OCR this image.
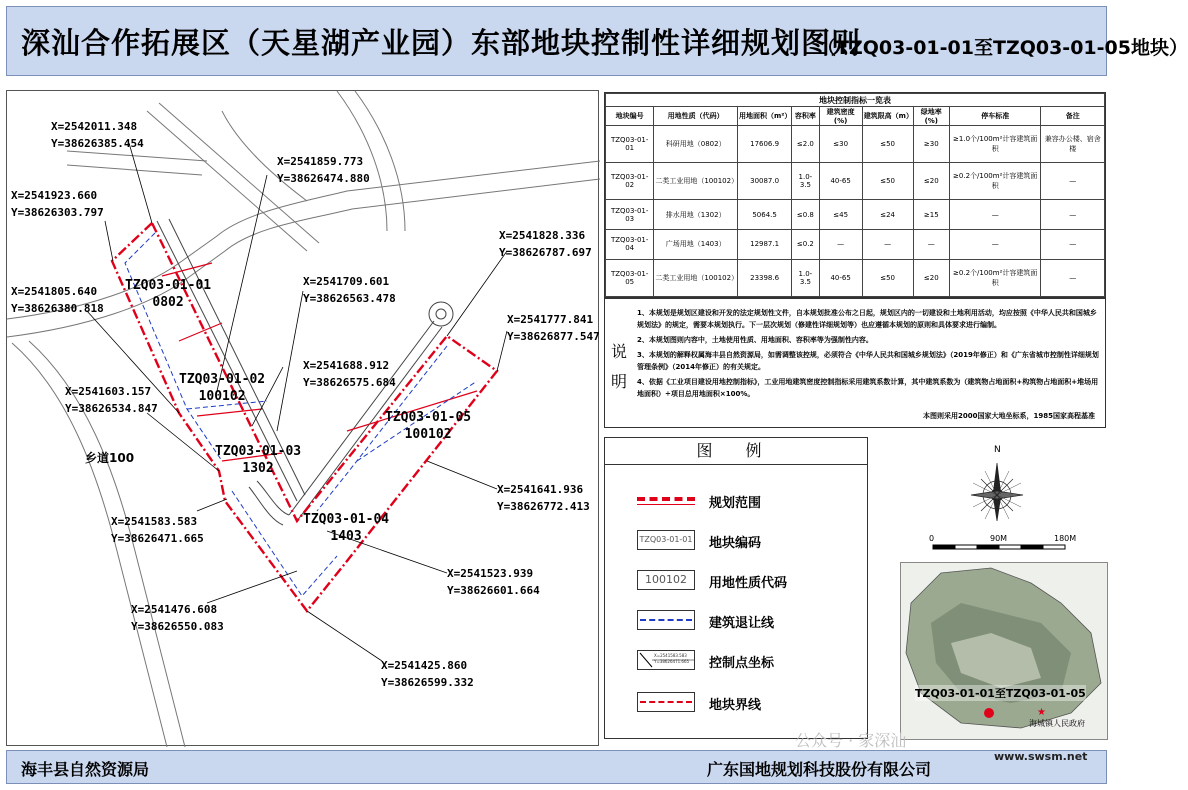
深汕合作拓展区（天星湖产业园）东部地块控制性详细规划图则
（TZQ03-01-01至TZQ03-01-05地块）
X=2542011.348
Y=38626385.454
X=2541859.773
Y=38626474.880
X=2541923.660
Y=38626303.797
X=2541828.336
Y=38626787.697
X=2541805.640
Y=38626380.818
X=2541709.601
Y=38626563.478
X=2541777.841
Y=38626877.547
X=2541688.912
Y=38626575.684
X=2541603.157
Y=38626534.847
X=2541641.936
Y=38626772.413
X=2541583.583
Y=38626471.665
X=2541523.939
Y=38626601.664
X=2541476.608
Y=38626550.083
X=2541425.860
Y=38626599.332
TZQ03-01-01
0802
TZQ03-01-02
100102
TZQ03-01-03
1302
TZQ03-01-04
1403
TZQ03-01-05
100102
乡道100
地块控制指标一览表								
地块编号	用地性质（代码）	用地面积（m²）	容积率	建筑密度(%)	建筑限高（m）	绿地率(%)	停车标准	备注
TZQ03-01-01	科研用地（0802）	17606.9	≤2.0	≤30	≤50	≥30	≥1.0个/100m²计容建筑面积	兼容办公楼、宿舍楼
TZQ03-01-02	二类工业用地（100102）	30087.0	1.0-3.5	40-65	≤50	≤20	≥0.2个/100m²计容建筑面积	—
TZQ03-01-03	排水用地（1302）	5064.5	≤0.8	≤45	≤24	≥15	—	—
TZQ03-01-04	广场用地（1403）	12987.1	≤0.2	—	—	—	—	—
TZQ03-01-05	二类工业用地（100102）	23398.6	1.0-3.5	40-65	≤50	≤20	≥0.2个/100m²计容建筑面积	—
说
明

1、本规划是规划区建设和开发的法定规划性文件，自本规划批准公布之日起，规划区内的一切建设和土地利用活动，均应按照《中华人民共和国城乡规划法》的规定，需要本规划执行。下一层次规划（修建性详细规划等）也应遵循本规划的原则和具体要求进行编制。

2、本规划图则内容中，土地使用性质、用地面积、容积率等为强制性内容。

3、本规划的解释权属海丰县自然资源局，如需调整该控规，必须符合《中华人民共和国城乡规划法》（2019年修正）和《广东省城市控制性详细规划管理条例》（2014年修正）的有关规定。

4、依据《工业项目建设用地控制指标》，工业用地建筑密度控制指标采用建筑系数计算，其中建筑系数为（建筑物占地面积+构筑物占地面积+堆场用地面积）÷项目总用地面积×100%。

本图则采用2000国家大地坐标系，1985国家高程基准
图 例
规划范围
TZQ03-01-01 地块编码
100102	用地性质代码
建筑退让线
X=2541583.583
Y=38626471.665 控制点坐标
地块界线
N
0	90M	180M
★
TZQ03-01-01至TZQ03-01-05
海城镇人民政府
海丰县自然资源局	广东国地规划科技股份有限公司
公众号 · 家深汕
www.swsm.net
